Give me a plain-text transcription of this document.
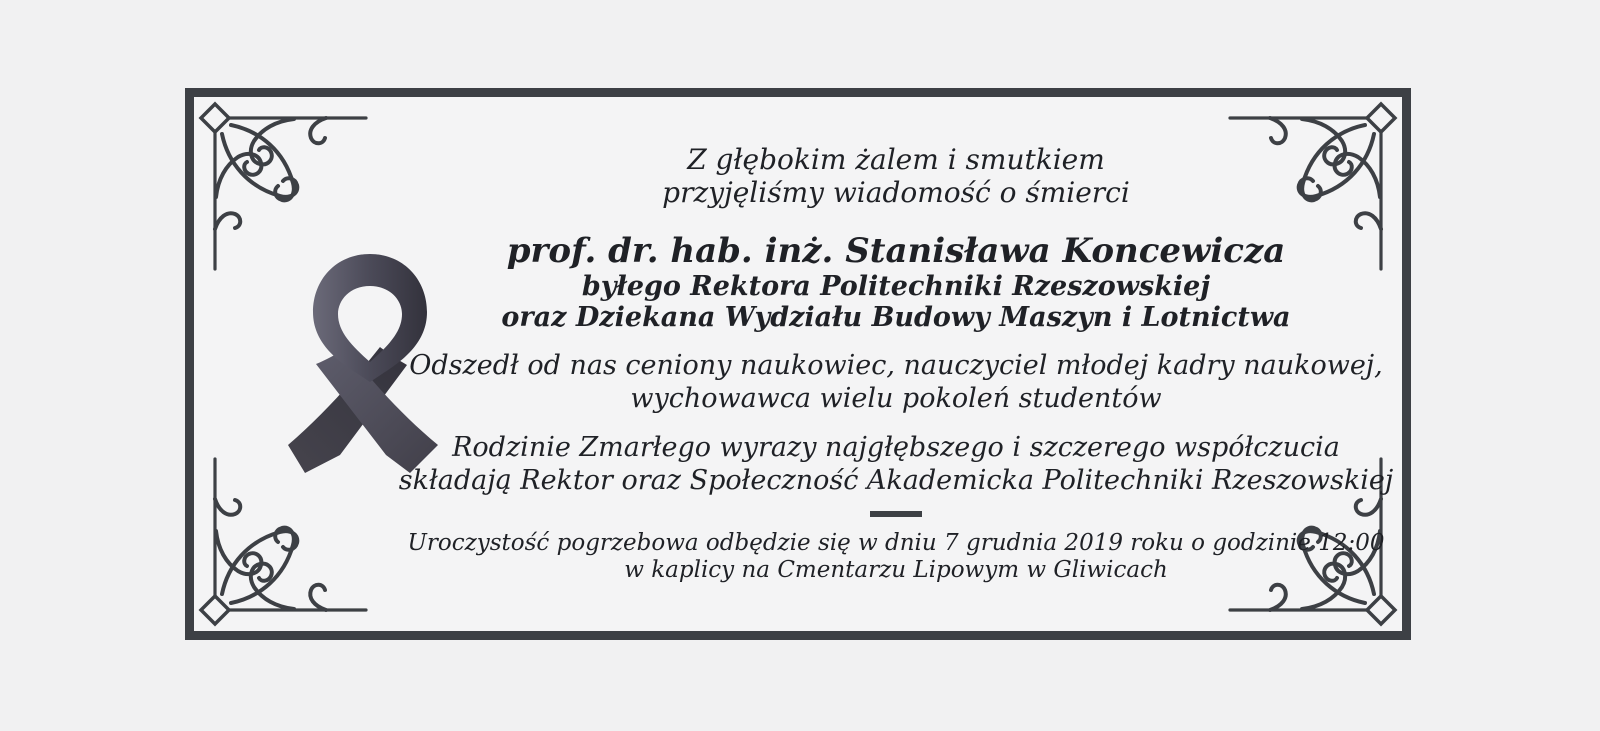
Z głębokim żalem i smutkiem
przyjęliśmy wiadomość o śmierci
prof. dr. hab. inż. Stanisława Koncewicza
byłego Rektora Politechniki Rzeszowskiej
oraz Dziekana Wydziału Budowy Maszyn i Lotnictwa
Odszedł od nas ceniony naukowiec, nauczyciel młodej kadry naukowej,
wychowawca wielu pokoleń studentów
Rodzinie Zmarłego wyrazy najgłębszego i szczerego współczucia
składają Rektor oraz Społeczność Akademicka Politechniki Rzeszowskiej
Uroczystość pogrzebowa odbędzie się w dniu 7 grudnia 2019 roku o godzinie 12:00
w kaplicy na Cmentarzu Lipowym w Gliwicach
